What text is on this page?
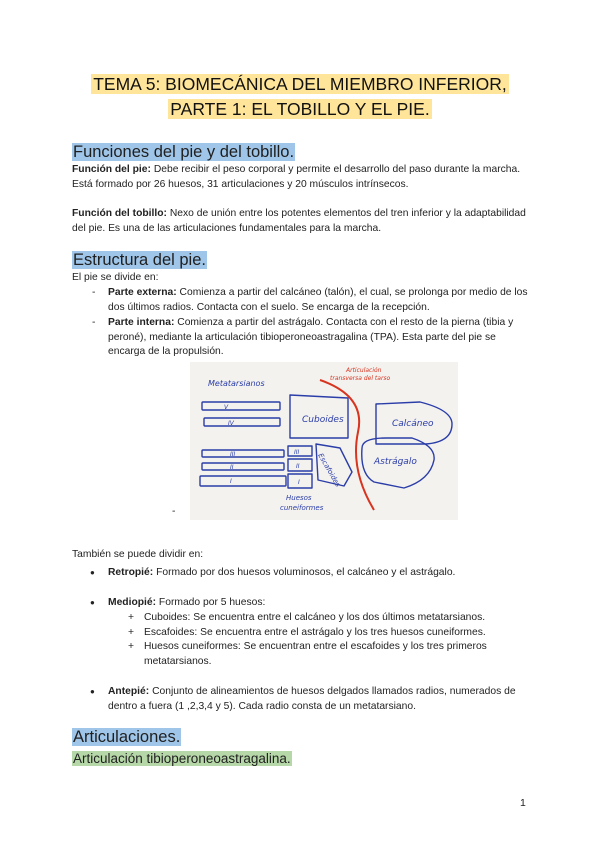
TEMA 5: BIOMECÁNICA DEL MIEMBRO INFERIOR,
PARTE 1: EL TOBILLO Y EL PIE.
Funciones del pie y del tobillo.
Función del pie: Debe recibir el peso corporal y permite el desarrollo del paso durante la marcha. Está formado por 26 huesos, 31 articulaciones y 20 músculos intrínsecos.
Función del tobillo: Nexo de unión entre los potentes elementos del tren inferior y la adaptabilidad del pie. Es una de las articulaciones fundamentales para la marcha.
Estructura del pie.
El pie se divide en:
- Parte externa: Comienza a partir del calcáneo (talón), el cual, se prolonga por medio de los dos últimos radios. Contacta con el suelo. Se encarga de la recepción.
- Parte interna: Comienza a partir del astrágalo. Contacta con el resto de la pierna (tibia y peroné), mediante la articulación tibioperoneoastragalina (TPA). Esta parte del pie se encarga de la propulsión.
Metatarsianos
Cuboides	Calcáneo
Astrágalo
Escafoides
Huesos
cuneiformes
V
IV
III
II
I
III
II
I
Articulación
transversa del tarso
-
También se puede dividir en:
● Retropié: Formado por dos huesos voluminosos, el calcáneo y el astrágalo.
● Mediopié: Formado por 5 huesos:
+ Cuboides: Se encuentra entre el calcáneo y los dos últimos metatarsianos.
+ Escafoides: Se encuentra entre el astrágalo y los tres huesos cuneiformes.
+ Huesos cuneiformes: Se encuentran entre el escafoides y los tres primeros metatarsianos.
● Antepié: Conjunto de alineamientos de huesos delgados llamados radios, numerados de dentro a fuera (1 ,2,3,4 y 5). Cada radio consta de un metatarsiano.
Articulaciones.
Articulación tibioperoneoastragalina.
1
